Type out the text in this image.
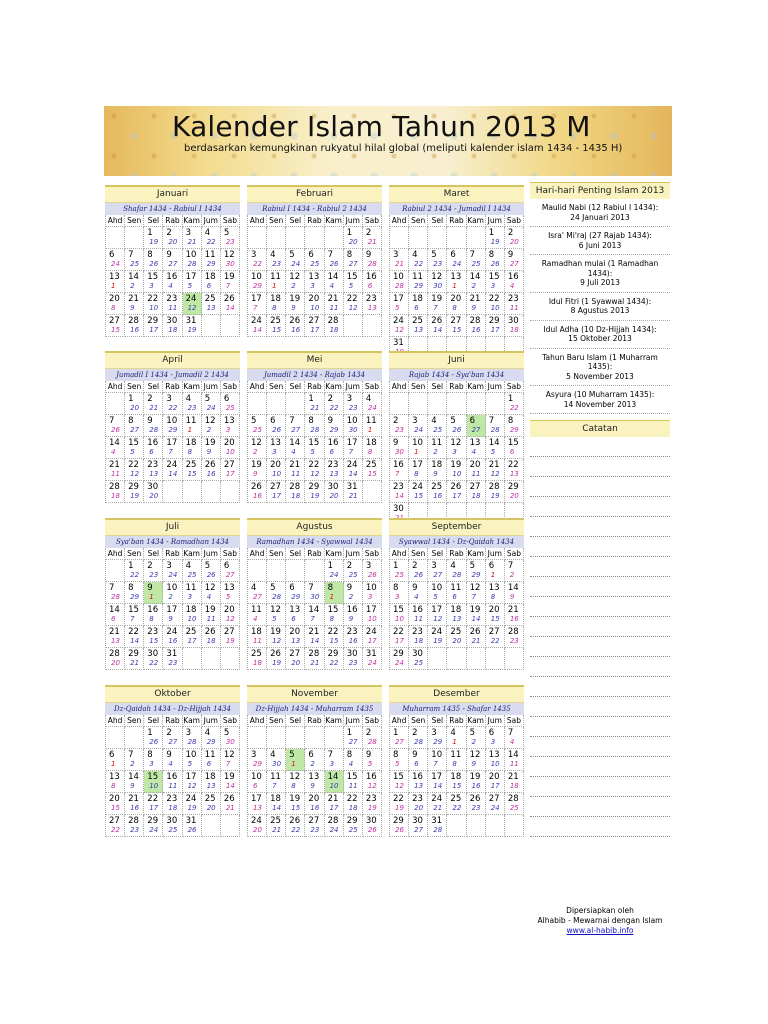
Kalender Islam Tahun 2013 M
berdasarkan kemungkinan rukyatul hilal global (meliputi kalender islam 1434 - 1435 H)
Januari
Shafar 1434 - Rabiul I 1434
Ahd Sen Sel Rab Kam Jum Sab
1
19
2
20
3
21
4
22
5
23
6
24
7
25
8
26
9
27
10
28
11
29
12
30
13
1
14
2
15
3
16
4
17
5
18
6
19
7
20
8
21
9
22
10
23
11
24
12
25
13
26
14
27
15
28
16
29
17
30
18
31
19
Februari
Rabiul I 1434 - Rabiul 2 1434
Ahd Sen Sel Rab Kam Jum Sab
1
20
2
21
3
22
4
23
5
24
6
25
7
26
8
27
9
28
10
29
11
1
12
2
13
3
14
4
15
5
16
6
17
7
18
8
19
9
20
10
21
11
22
12
23
13
24
14
25
15
26
16
27
17
28
18
Maret
Rabiul 2 1434 - Jumadil I 1434
Ahd Sen Sel Rab Kam Jum Sab
1
19
2
20
3
21
4
22
5
23
6
24
7
25
8
26
9
27
10
28
11
29
12
30
13
1
14
2
15
3
16
4
17
5
18
6
19
7
20
8
21
9
22
10
23
11
24
12
25
13
26
14
27
15
28
16
29
17
30
18
31
April
Jumadil I 1434 - Jumadil 2 1434
Ahd Sen Sel Rab Kam Jum Sab
1
20
2
21
3
22
4
23
5
24
6
25
7
26
8
27
9
28
10
29
11
1
12
2
13
3
14
4
15
5
16
6
17
7
18
8
19
9
20
10
21
11
22
12
23
13
24
14
25
15
26
16
27
17
28
18
29
19
30
20
Mei
Jumadil 2 1434 - Rajab 1434
Ahd Sen Sel Rab Kam Jum Sab
1
21
2
22
3
23
4
24
5
25
6
26
7
27
8
28
9
29
10
30
11
1
12
2
13
3
14
4
15
5
16
6
17
7
18
8
19
9
20
10
21
11
22
12
23
13
24
14
25
15
26
16
27
17
28
18
29
19
30
20
31
21
Juni
Rajab 1434 - Sya'ban 1434
Ahd Sen Sel Rab Kam Jum Sab
1
22
2
23
3
24
4
25
5
26
6
27
7
28
8
29
9
30
10
1
11
2
12
3
13
4
14
5
15
6
16
7
17
8
18
9
19
10
20
11
21
12
22
13
23
14
24
15
25
16
26
17
27
18
28
19
29
20
30
Juli
Sya'ban 1434 - Ramadhan 1434
Ahd Sen Sel Rab Kam Jum Sab
1
22
2
23
3
24
4
25
5
26
6
27
7
28
8
29
9
1
10
2
11
3
12
4
13
5
14
6
15
7
16
8
17
9
18
10
19
11
20
12
21
13
22
14
23
15
24
16
25
17
26
18
27
19
28
20
29
21
30
22
31
23
Agustus
Ramadhan 1434 - Syawwal 1434
Ahd Sen Sel Rab Kam Jum Sab
1
24
2
25
3
26
4
27
5
28
6
29
7
30
8
1
9
2
10
3
11
4
12
5
13
6
14
7
15
8
16
9
17
10
18
11
19
12
20
13
21
14
22
15
23
16
24
17
25
18
26
19
27
20
28
21
29
22
30
23
31
24
September
Syawwal 1434 - Dz-Qaidah 1434
Ahd Sen Sel Rab Kam Jum Sab
1
25
2
26
3
27
4
28
5
29
6
1
7
2
8
3
9
4
10
5
11
6
12
7
13
8
14
9
15
10
16
11
17
12
18
13
19
14
20
15
21
16
22
17
23
18
24
19
25
20
26
21
27
22
28
23
29
24
30
25
Oktober
Dz-Qaidah 1434 - Dz-Hijjah 1434
Ahd Sen Sel Rab Kam Jum Sab
1
26
2
27
3
28
4
29
5
30
6
1
7
2
8
3
9
4
10
5
11
6
12
7
13
8
14
9
15
10
16
11
17
12
18
13
19
14
20
15
21
16
22
17
23
18
24
19
25
20
26
21
27
22
28
23
29
24
30
25
31
26
November
Dz-Hijjah 1434 - Muharram 1435
Ahd Sen Sel Rab Kam Jum Sab
1
27
2
28
3
29
4
30
5
1
6
2
7
3
8
4
9
5
10
6
11
7
12
8
13
9
14
10
15
11
16
12
17
13
18
14
19
15
20
16
21
17
22
18
23
19
24
20
25
21
26
22
27
23
28
24
29
25
30
26
Desember
Muharram 1435 - Shafar 1435
Ahd Sen Sel Rab Kam Jum Sab
1
27
2
28
3
29
4
1
5
2
6
3
7
4
8
5
9
6
10
7
11
8
12
9
13
10
14
11
15
12
16
13
17
14
18
15
19
16
20
17
21
18
22
19
23
20
24
21
25
22
26
23
27
24
28
25
29
26
30
27
31
28
Hari-hari Penting Islam 2013
Maulid Nabi (12 Rabiul I 1434):
24 Januari 2013
Isra' Mi'raj (27 Rajab 1434):
6 Juni 2013
Ramadhan mulai (1 Ramadhan 1434):
9 Juli 2013
Idul Fitri (1 Syawwal 1434):
8 Agustus 2013
Idul Adha (10 Dz-Hijjah 1434):
15 Oktober 2013
Tahun Baru Islam (1 Muharram 1435):
5 November 2013
Asyura (10 Muharram 1435):
14 November 2013
Catatan
Dipersiapkan oleh
Alhabib - Mewarnai dengan Islam
www.al-habib.info
